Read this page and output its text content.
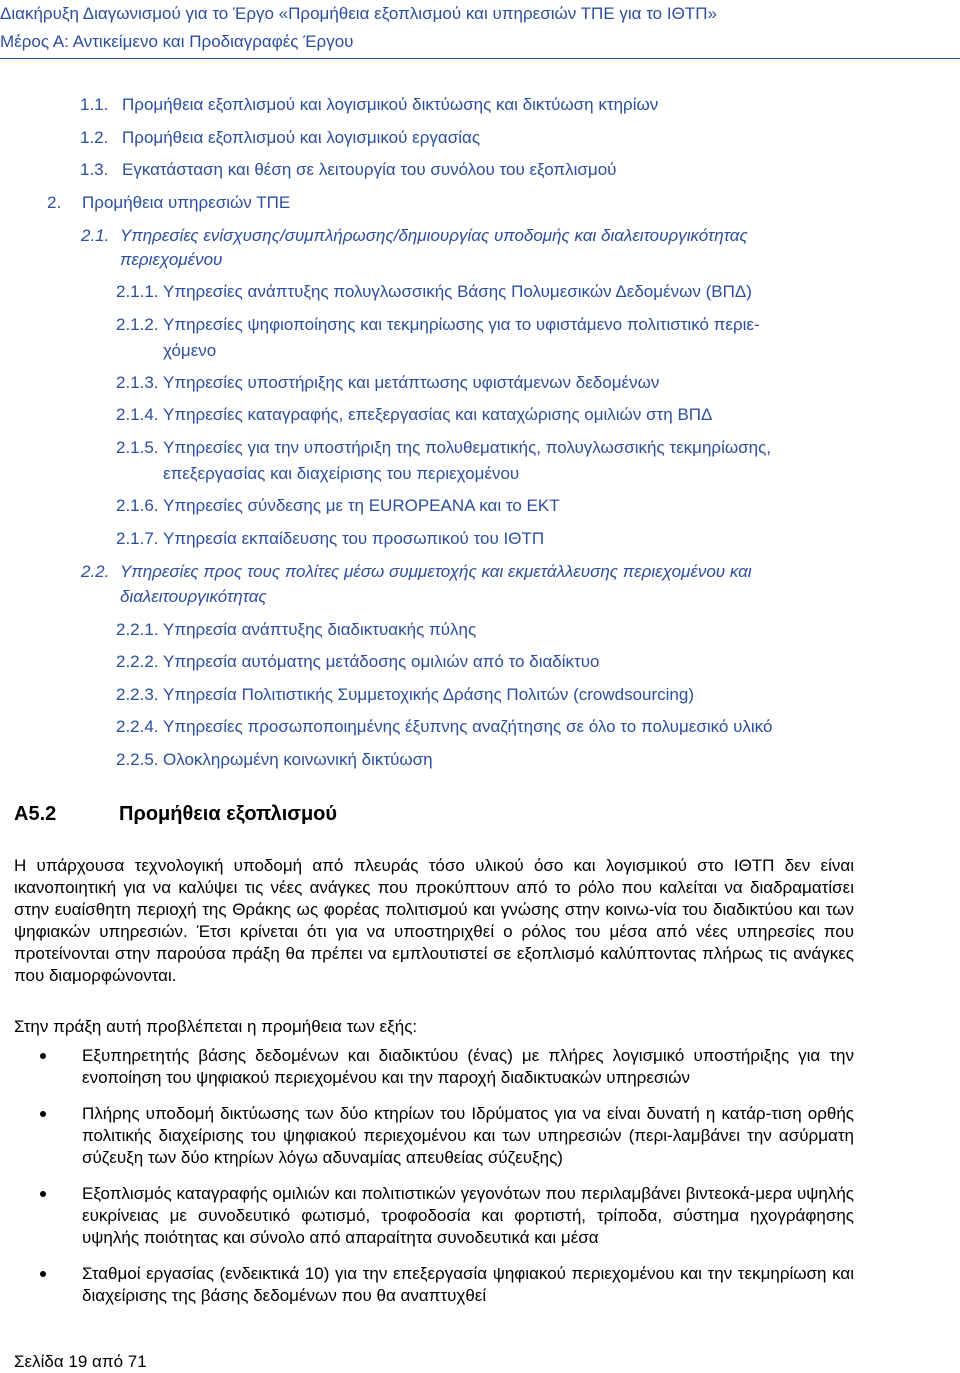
Διακήρυξη Διαγωνισμού για το Έργο «Προμήθεια εξοπλισμού και υπηρεσιών ΤΠΕ για το ΙΘΤΠ»
Μέρος Α: Αντικείμενο και Προδιαγραφές Έργου
1.1. Προμήθεια εξοπλισμού και λογισμικού δικτύωσης και δικτύωση κτηρίων
1.2. Προμήθεια εξοπλισμού και λογισμικού εργασίας
1.3. Εγκατάσταση και θέση σε λειτουργία του συνόλου του εξοπλισμού
2. Προμήθεια υπηρεσιών ΤΠΕ
2.1. Υπηρεσίες ενίσχυσης/συμπλήρωσης/δημιουργίας υποδομής και διαλειτουργικότητας
περιεχομένου
2.1.1. Υπηρεσίες ανάπτυξης πολυγλωσσικής Βάσης Πολυμεσικών Δεδομένων (ΒΠΔ)
2.1.2. Υπηρεσίες ψηφιοποίησης και τεκμηρίωσης για το υφιστάμενο πολιτιστικό περιε-
χόμενο
2.1.3. Υπηρεσίες υποστήριξης και μετάπτωσης υφιστάμενων δεδομένων
2.1.4. Υπηρεσίες καταγραφής, επεξεργασίας και καταχώρισης ομιλιών στη ΒΠΔ
2.1.5. Υπηρεσίες για την υποστήριξη της πολυθεματικής, πολυγλωσσικής τεκμηρίωσης,
επεξεργασίας και διαχείρισης του περιεχομένου
2.1.6. Υπηρεσίες σύνδεσης με τη EUROPEANA και το ΕΚΤ
2.1.7. Υπηρεσία εκπαίδευσης του προσωπικού του ΙΘΤΠ
2.2. Υπηρεσίες προς τους πολίτες μέσω συμμετοχής και εκμετάλλευσης περιεχομένου και
διαλειτουργικότητας
2.2.1. Υπηρεσία ανάπτυξης διαδικτυακής πύλης
2.2.2. Υπηρεσία αυτόματης μετάδοσης ομιλιών από το διαδίκτυο
2.2.3. Υπηρεσία Πολιτιστικής Συμμετοχικής Δράσης Πολιτών (crowdsourcing)
2.2.4. Υπηρεσίες προσωποποιημένης έξυπνης αναζήτησης σε όλο το πολυμεσικό υλικό
2.2.5. Ολοκληρωμένη κοινωνική δικτύωση
A5.2	Προμήθεια εξοπλισμού
Η υπάρχουσα τεχνολογική υποδομή από πλευράς τόσο υλικού όσο και λογισμικού στο ΙΘΤΠ δεν είναι ικανοποιητική για να καλύψει τις νέες ανάγκες που προκύπτουν από το ρόλο που καλείται να διαδραματίσει στην ευαίσθητη περιοχή της Θράκης ως φορέας πολιτισμού και γνώσης στην κοινω-νία του διαδικτύου και των ψηφιακών υπηρεσιών. Έτσι κρίνεται ότι για να υποστηριχθεί ο ρόλος του μέσα από νέες υπηρεσίες που προτείνονται στην παρούσα πράξη θα πρέπει να εμπλουτιστεί σε εξοπλισμό καλύπτοντας πλήρως τις ανάγκες που διαμορφώνονται.
Στην πράξη αυτή προβλέπεται η προμήθεια των εξής:
Εξυπηρετητής βάσης δεδομένων και διαδικτύου (ένας) με πλήρες λογισμικό υποστήριξης για την ενοποίηση του ψηφιακού περιεχομένου και την παροχή διαδικτυακών υπηρεσιών
Πλήρης υποδομή δικτύωσης των δύο κτηρίων του Ιδρύματος για να είναι δυνατή η κατάρ-τιση ορθής πολιτικής διαχείρισης του ψηφιακού περιεχομένου και των υπηρεσιών (περι-λαμβάνει την ασύρματη σύζευξη των δύο κτηρίων λόγω αδυναμίας απευθείας σύζευξης)
Εξοπλισμός καταγραφής ομιλιών και πολιτιστικών γεγονότων που περιλαμβάνει βιντεοκά-μερα υψηλής ευκρίνειας με συνοδευτικό φωτισμό, τροφοδοσία και φορτιστή, τρίποδα, σύστημα ηχογράφησης υψηλής ποιότητας και σύνολο από απαραίτητα συνοδευτικά και μέσα
Σταθμοί εργασίας (ενδεικτικά 10) για την επεξεργασία ψηφιακού περιεχομένου και την τεκμηρίωση και διαχείρισης της βάσης δεδομένων που θα αναπτυχθεί
Σελίδα 19 από 71
